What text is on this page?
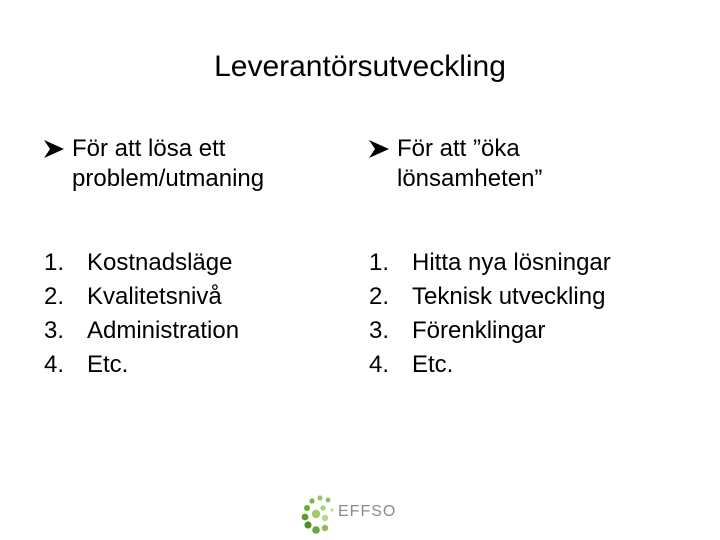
Leverantörsutveckling
För att lösa ett
problem/utmaning
1. Kostnadsläge
2. Kvalitetsnivå
3. Administration
4. Etc.
För att ”öka
lönsamheten”
1. Hitta nya lösningar
2. Teknisk utveckling
3. Förenklingar
4. Etc.
EFFSO
